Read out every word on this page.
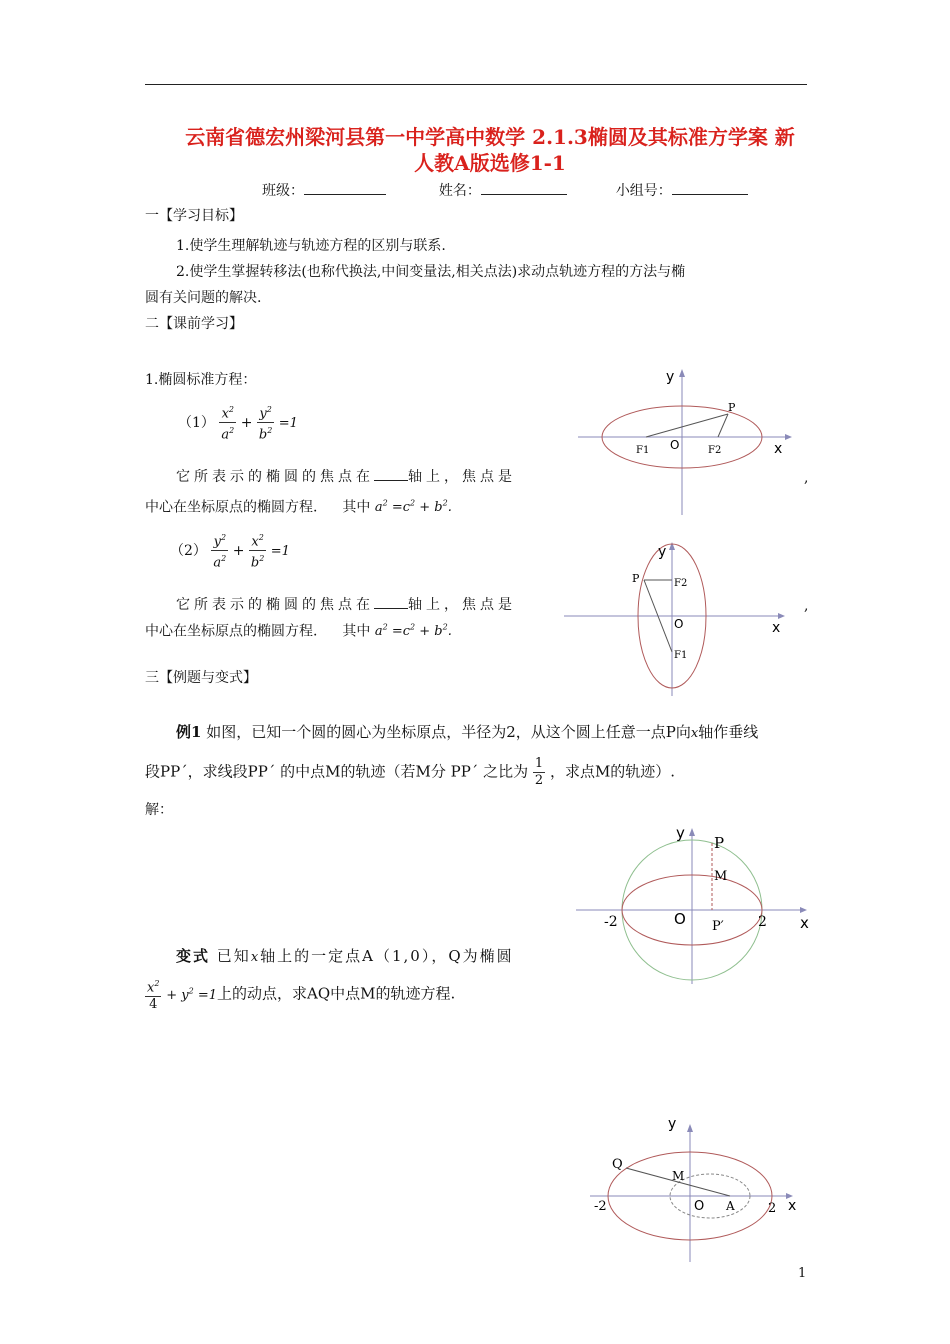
云南省德宏州梁河县第一中学高中数学 2.1.3椭圆及其标准方学案 新
人教A版选修1-1
班级：	姓名：	小组号：
一【学习目标】
1.使学生理解轨迹与轨迹方程的区别与联系.
2.使学生掌握转移法(也称代换法,中间变量法,相关点法)求动点轨迹方程的方法与椭
圆有关问题的解决.
二【课前学习】
1.椭圆标准方程：
$(1) \frac{x^2}{a^2} + \frac{y^2}{b^2} =1$
它所表示的椭圆的焦点在 轴上，焦点是
中心在坐标原点的椭圆方程. 其中 $a^2 =c^2 + b^2$.
,
$(2) \frac{y^2}{a^2} + \frac{x^2}{b^2} =1$
它所表示的椭圆的焦点在 轴上，焦点是
中心在坐标原点的椭圆方程. 其中 $a^2 =c^2 + b^2$.
,
三【例题与变式】
例1 如图，已知一个圆的圆心为坐标原点，半径为2，从这个圆上任意一点P向x轴作垂线
段PP´，求线段PP´ 的中点M的轨迹（若M分 PP´ 之比为 $\frac{1}{2}$ ，求点M的轨迹）.
解：
变式 已知x轴上的一定点A（1,0），Q为椭圆
$\frac{x^2}{4} + y^2 =1$上的动点，求AQ中点M的轨迹方程.
y
x
O
P
F1	F2
y
x
O
P	F2
F1
y
x
O
P
M
P′
-2	2
y
x
O
Q
M
A
-2	2
1
